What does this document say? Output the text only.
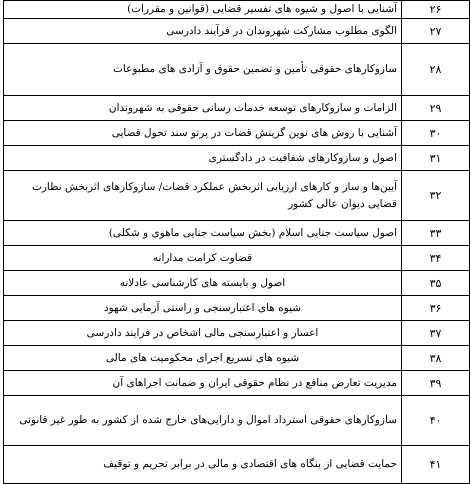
۲۶	آشنایی با اصول و شیوه های تفسیر قضایی (قوانین و مقررات)
۲۷	الگوی مطلوب مشارکت شهروندان در فرآیند دادرسی
۲۸	سازوکارهای حقوقی تأمین و تضمین حقوق و آزادی های مطبوعات
۲۹	الزامات و سازوکارهای توسعه خدمات رسانی حقوقی به شهروندان
۳۰	آشنایی با روش های نوین گزینش قضات در پرتو سند تحول قضایی
۳۱	اصول و سازوکارهای شفافیت در دادگستری
۳۲	آیین‌ها و ساز و کارهای ارزیابی اثربخش عملکرد قضات/ سازوکارهای اثربخش نظارت قضایی دیوان عالی کشور
۳۳	اصول سیاست جنایی اسلام (بخش سیاست جنایی ماهوی و شکلی)
۳۴	قضاوت کرامت مدارانه
۳۵	اصول و بایسته های کارشناسی عادلانه
۳۶	شیوه های اعتبارسنجی و راستی آزمایی شهود
۳۷	اعسار و اعتبارسنجی مالی اشخاص در فرایند دادرسی
۳۸	شیوه های تسریع اجرای محکومیت های مالی
۳۹	مدیریت تعارض منافع در نظام حقوقی ایران و ضمانت اجراهای آن
۴۰	سازوکارهای حقوقی استرداد اموال و دارایی‌های خارج شده از کشور به طور غیر قانونی
۴۱	حمایت قضایی از بنگاه های اقتصادی و مالی در برابر تحریم و توقیف
